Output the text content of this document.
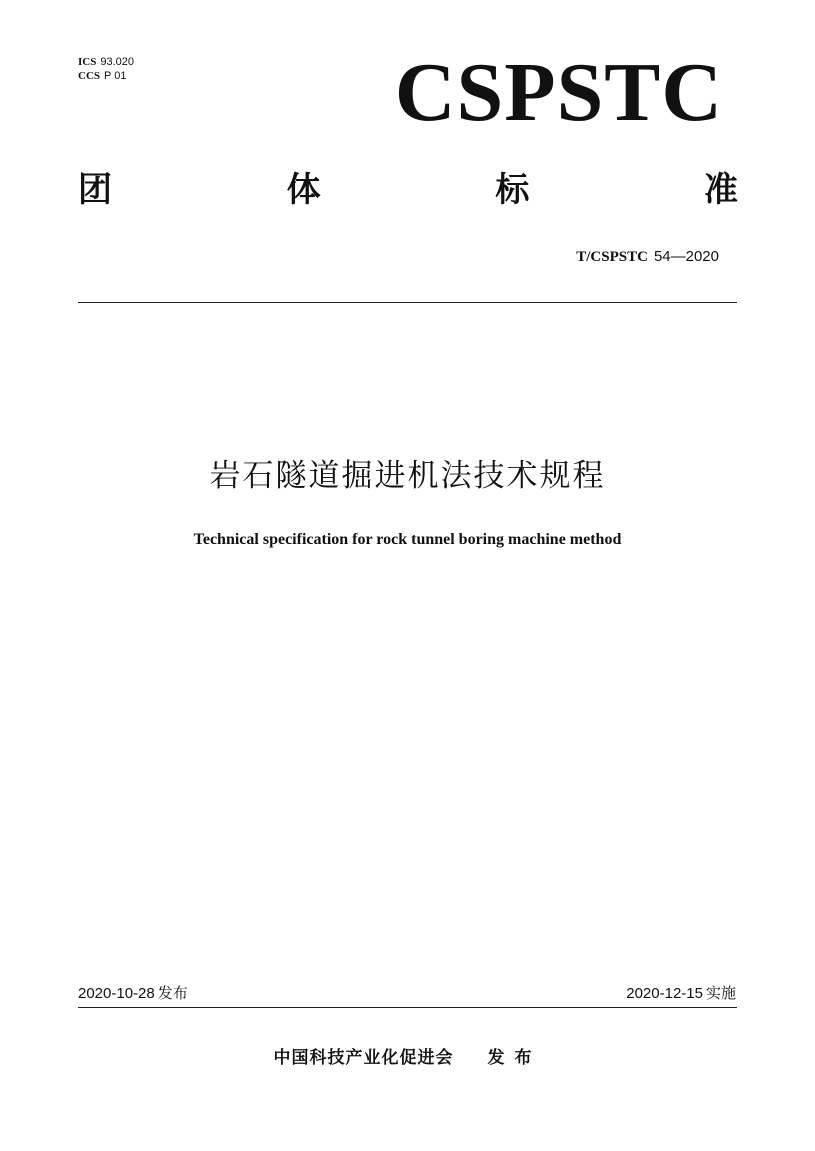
ICS 93.020
CCS P 01	CSPSTC
团	体	标	准
T/CSPSTC 54—2020
岩石隧道掘进机法技术规程
Technical specification for rock tunnel boring machine method
2020-10-28 发布	2020-12-15 实施
中国科技产业化促进会 发布
